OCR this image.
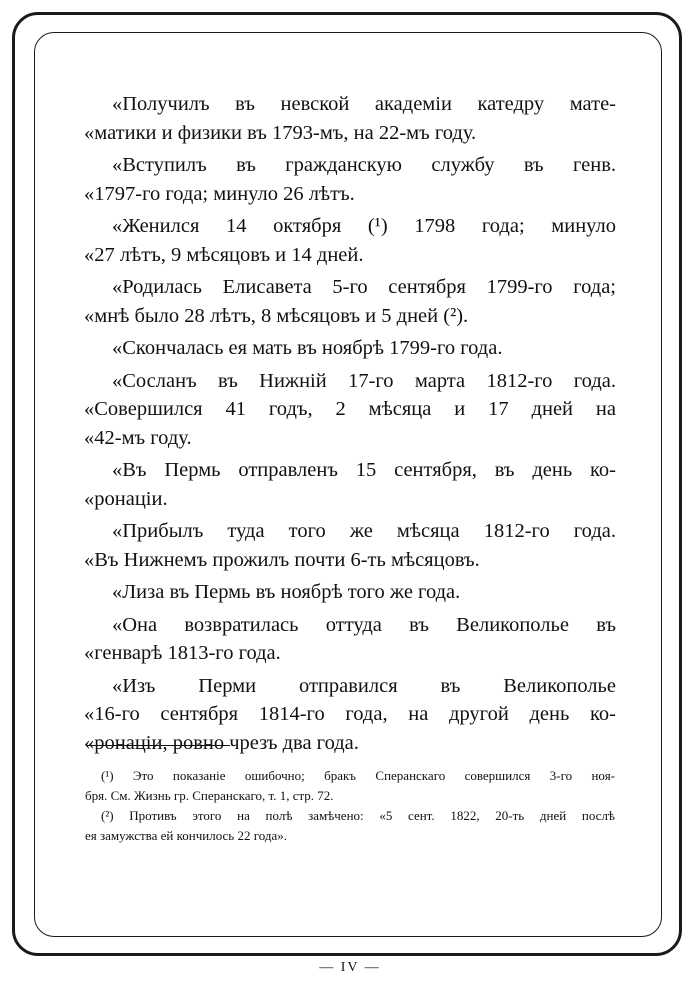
«Получилъ въ невской академіи катедру мате-
«матики и физики въ 1793-мъ, на 22-мъ году.

«Вступилъ въ гражданскую службу въ генв.
«1797-го года; минуло 26 лѣтъ.

«Женился 14 октября (¹) 1798 года; минуло
«27 лѣтъ, 9 мѣсяцовъ и 14 дней.

«Родилась Елисавета 5-го сентября 1799-го года;
«мнѣ было 28 лѣтъ, 8 мѣсяцовъ и 5 дней (²).

«Скончалась ея мать въ ноябрѣ 1799-го года.

«Сосланъ въ Нижній 17-го марта 1812-го года.
«Совершился 41 годъ, 2 мѣсяца и 17 дней на
«42-мъ году.

«Въ Пермь отправленъ 15 сентября, въ день ко-
«ронаціи.

«Прибылъ туда того же мѣсяца 1812-го года.
«Въ Нижнемъ прожилъ почти 6-ть мѣсяцовъ.

«Лиза въ Пермь въ ноябрѣ того же года.

«Она возвратилась оттуда въ Великополье въ
«генварѣ 1813-го года.

«Изъ Перми отправился въ Великополье
«16-го сентября 1814-го года, на другой день ко-
«ронаціи, ровно чрезъ два года.

(¹) Это показаніе ошибочно; бракъ Сперанскаго совершился 3-го ноя-
бря. См. Жизнь гр. Сперанскаго, т. 1, стр. 72.
(²) Противъ этого на полѣ замѣчено: «5 сент. 1822, 20-ть дней послѣ
ея замужства ей кончилось 22 года».
— IV —
